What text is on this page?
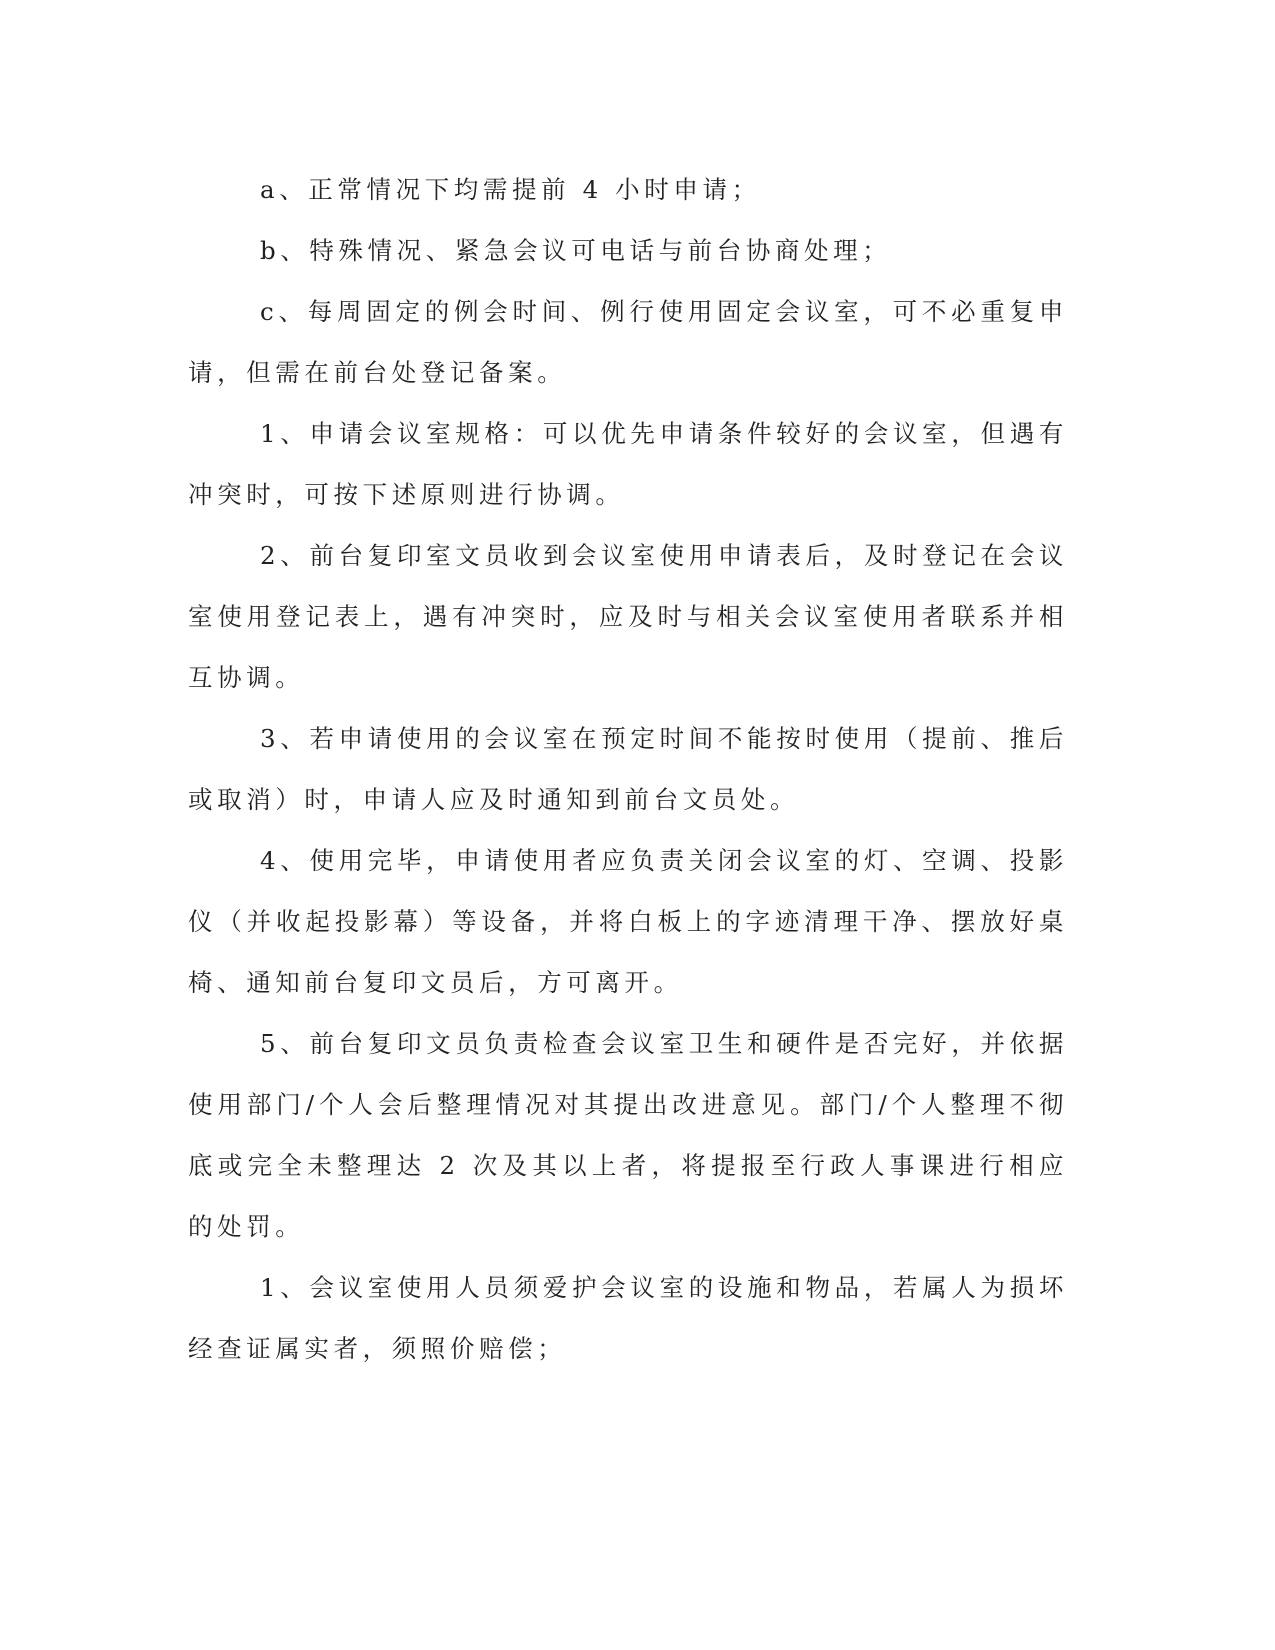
a、正常情况下均需提前 4 小时申请；

b、特殊情况、紧急会议可电话与前台协商处理；

c、每周固定的例会时间、例行使用固定会议室，可不必重复申请，但需在前台处登记备案。

1、申请会议室规格：可以优先申请条件较好的会议室，但遇有冲突时，可按下述原则进行协调。

2、前台复印室文员收到会议室使用申请表后，及时登记在会议室使用登记表上，遇有冲突时，应及时与相关会议室使用者联系并相互协调。

3、若申请使用的会议室在预定时间不能按时使用（提前、推后或取消）时，申请人应及时通知到前台文员处。

4、使用完毕，申请使用者应负责关闭会议室的灯、空调、投影仪（并收起投影幕）等设备，并将白板上的字迹清理干净、摆放好桌椅、通知前台复印文员后，方可离开。

5、前台复印文员负责检查会议室卫生和硬件是否完好，并依据使用部门/个人会后整理情况对其提出改进意见。部门/个人整理不彻底或完全未整理达 2 次及其以上者，将提报至行政人事课进行相应的处罚。

1、会议室使用人员须爱护会议室的设施和物品，若属人为损坏经查证属实者，须照价赔偿；
